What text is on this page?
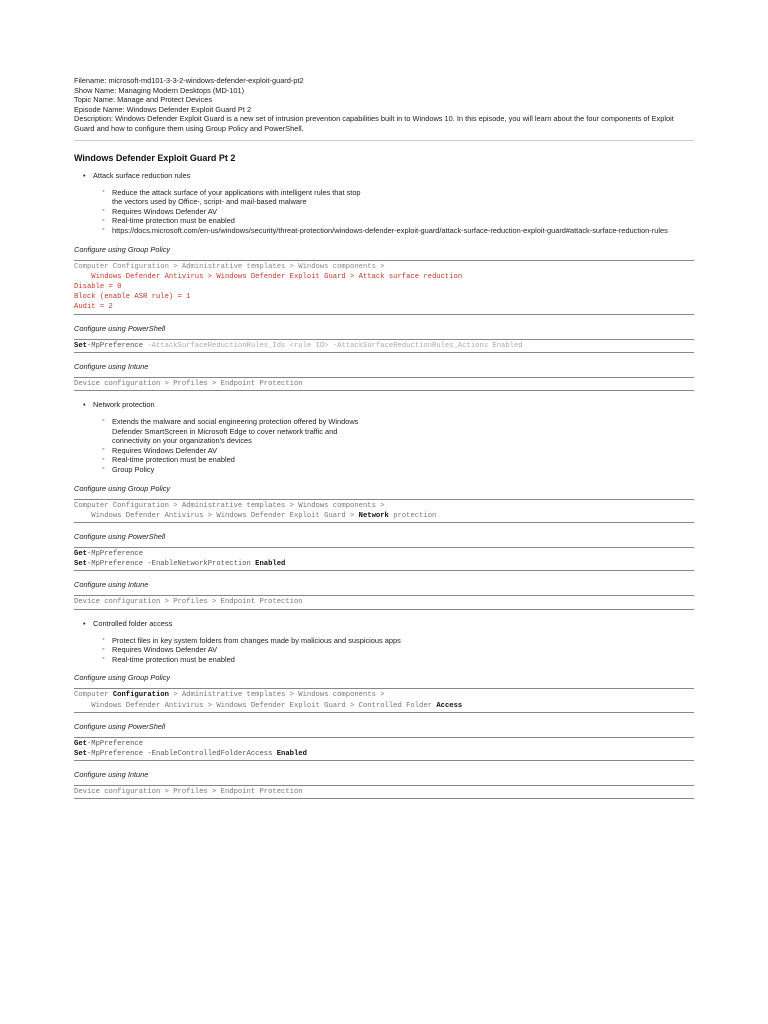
Filename: microsoft-md101-3-3-2-windows-defender-exploit-guard-pt2
Show Name: Managing Modern Desktops (MD-101)
Topic Name: Manage and Protect Devices
Episode Name: Windows Defender Exploit Guard Pt 2
Description: Windows Defender Exploit Guard is a new set of intrusion prevention capabilities built in to Windows 10. In this episode, you will learn about the four components of Exploit Guard and how to configure them using Group Policy and PowerShell.
Windows Defender Exploit Guard Pt 2
• Attack surface reduction rules
◦ Reduce the attack surface of your applications with intelligent rules that stop
the vectors used by Office-, script- and mail-based malware
◦ Requires Windows Defender AV
◦ Real-time protection must be enabled
◦ https://docs.microsoft.com/en-us/windows/security/threat-protection/windows-defender-exploit-guard/attack-surface-reduction-exploit-guard#attack-surface-reduction-rules
Configure using Group Policy
Computer Configuration > Administrative templates > Windows components >
Windows Defender Antivirus > Windows Defender Exploit Guard > Attack surface reduction
Disable = 0
Block (enable ASR rule) = 1
Audit = 2
Configure using PowerShell
Set-MpPreference -AttackSurfaceReductionRules_Ids <rule ID> -AttackSurfaceReductionRules_Actions Enabled
Configure using Intune
Device configuration > Profiles > Endpoint Protection
• Network protection
◦ Extends the malware and social engineering protection offered by Windows
Defender SmartScreen in Microsoft Edge to cover network traffic and
connectivity on your organization's devices
◦ Requires Windows Defender AV
◦ Real-time protection must be enabled
◦ Group Policy
Configure using Group Policy
Computer Configuration > Administrative templates > Windows components >
Windows Defender Antivirus > Windows Defender Exploit Guard > Network protection
Configure using PowerShell
Get-MpPreference
Set-MpPreference -EnableNetworkProtection Enabled
Configure using Intune
Device configuration > Profiles > Endpoint Protection
• Controlled folder access
◦ Protect files in key system folders from changes made by malicious and suspicious apps
◦ Requires Windows Defender AV
◦ Real-time protection must be enabled
Configure using Group Policy
Computer Configuration > Administrative templates > Windows components >
Windows Defender Antivirus > Windows Defender Exploit Guard > Controlled Folder Access
Configure using PowerShell
Get-MpPreference
Set-MpPreference -EnableControlledFolderAccess Enabled
Configure using Intune
Device configuration > Profiles > Endpoint Protection
